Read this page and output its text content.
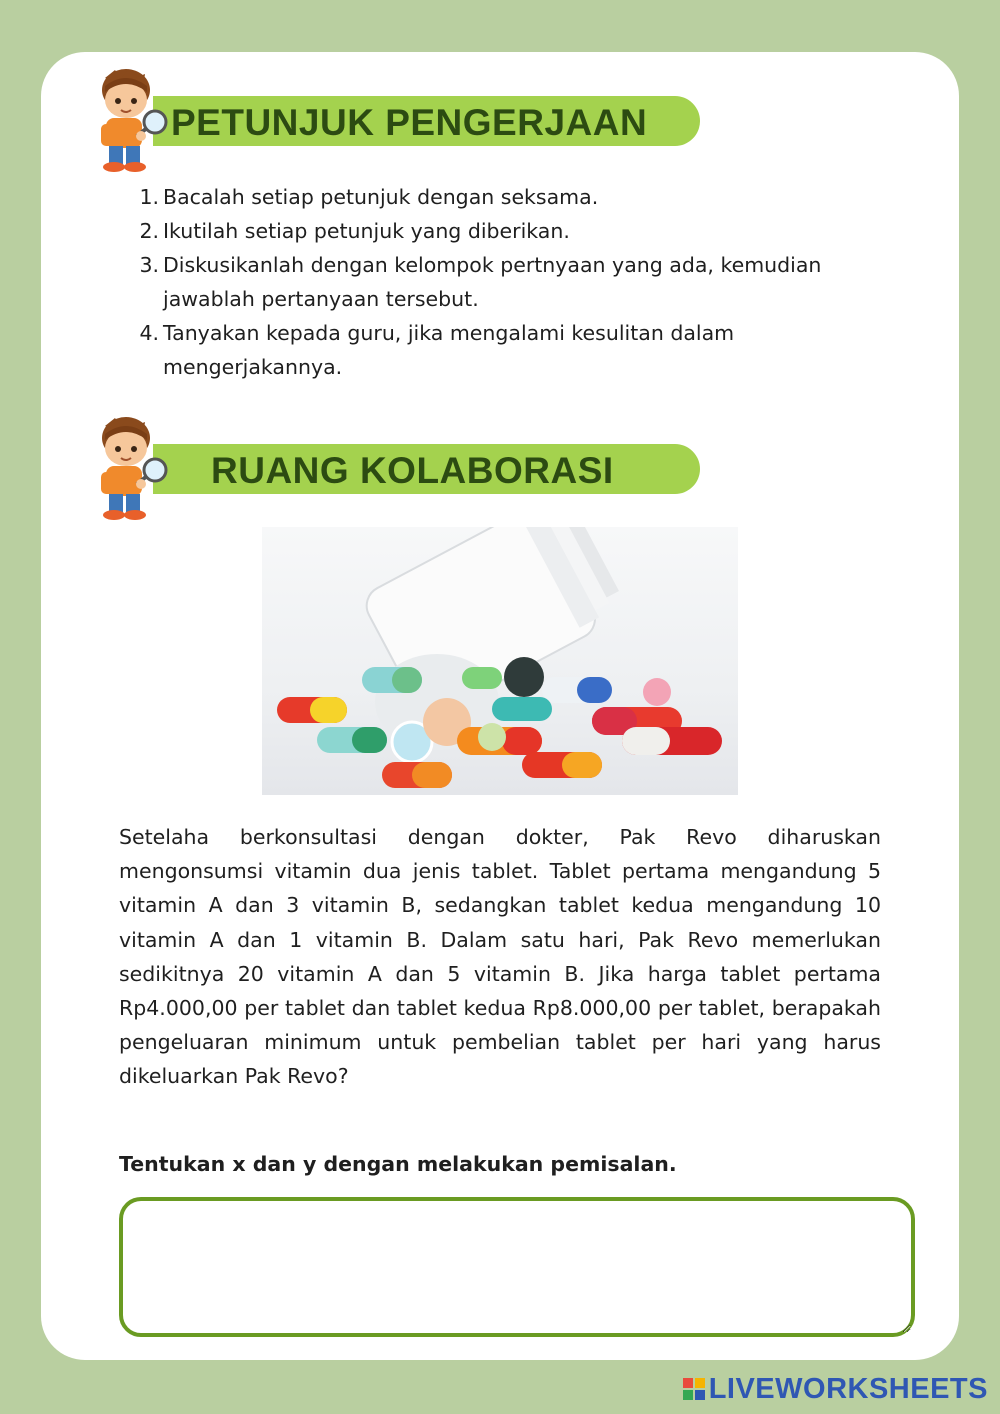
PETUNJUK PENGERJAAN
1. Bacalah setiap petunjuk dengan seksama.
2. Ikutilah setiap petunjuk yang diberikan.
3. Diskusikanlah dengan kelompok pertnyaan yang ada, kemudian jawablah pertanyaan tersebut.
4. Tanyakan kepada guru, jika mengalami kesulitan dalam mengerjakannya.
RUANG KOLABORASI

Setelaha berkonsultasi dengan dokter, Pak Revo diharuskan mengonsumsi vitamin dua jenis tablet. Tablet pertama mengandung 5 vitamin A dan 3 vitamin B, sedangkan tablet kedua mengandung 10 vitamin A dan 1 vitamin B. Dalam satu hari, Pak Revo memerlukan sedikitnya 20 vitamin A dan 5 vitamin B. Jika harga tablet pertama Rp4.000,00 per tablet dan tablet kedua Rp8.000,00 per tablet, berapakah pengeluaran minimum untuk pembelian tablet per hari yang harus dikeluarkan Pak Revo?

Tentukan x dan y dengan melakukan pemisalan.

LIVEWORKSHEETS
